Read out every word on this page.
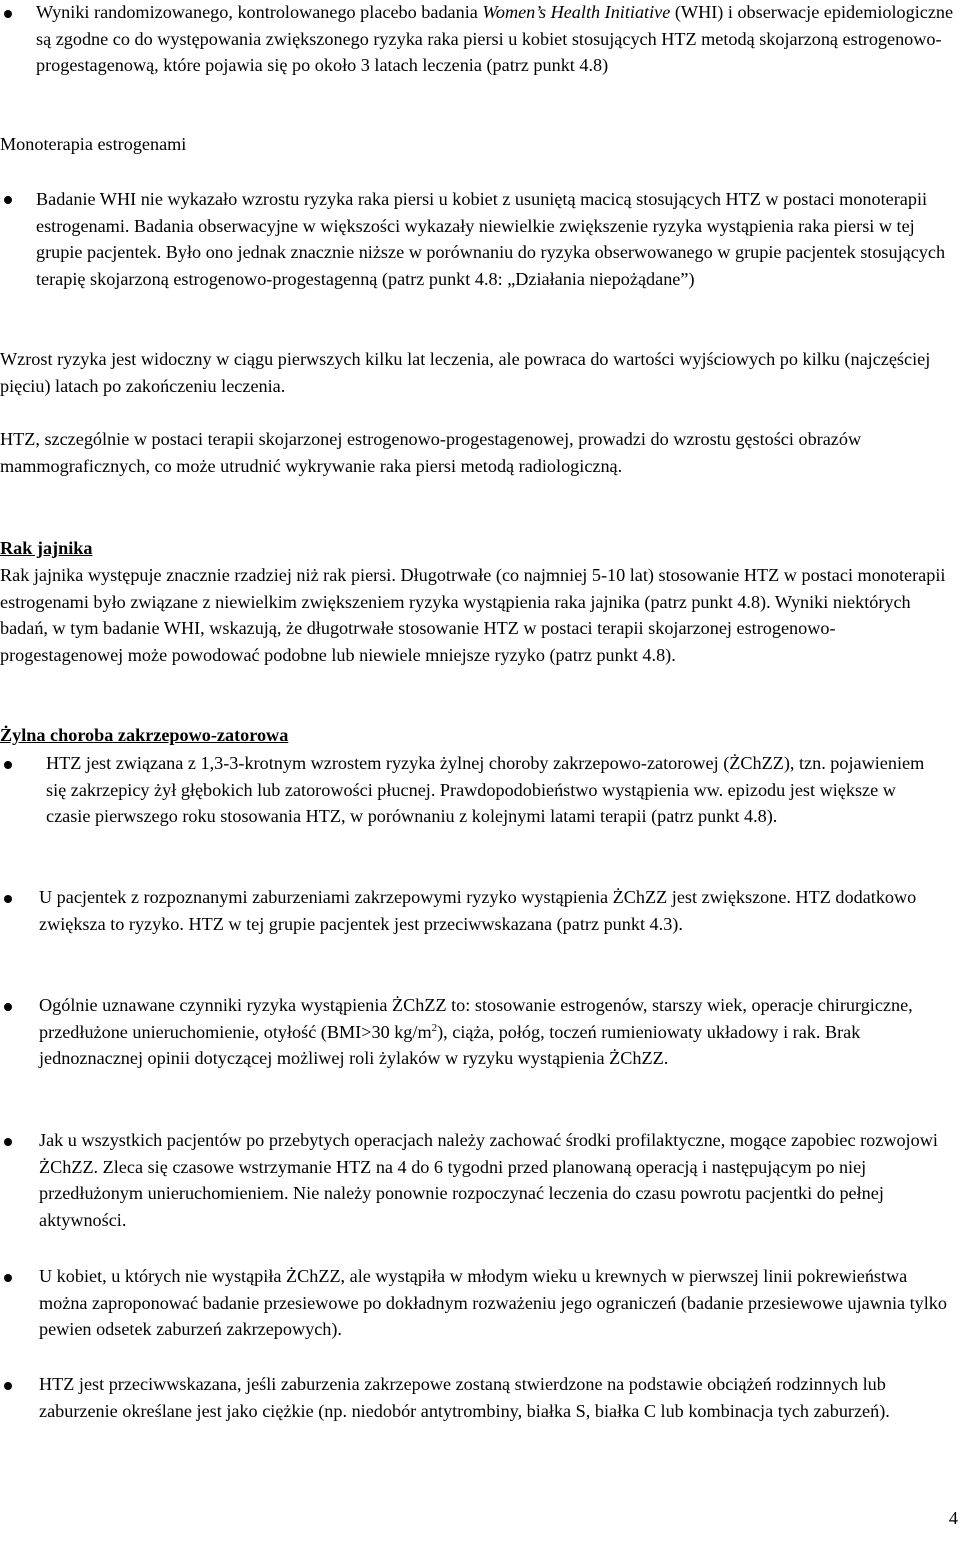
Wyniki randomizowanego, kontrolowanego placebo badania Women’s Health Initiative (WHI) i obserwacje epidemiologiczne są zgodne co do występowania zwiększonego ryzyka raka piersi u kobiet stosujących HTZ metodą skojarzoną estrogenowo-progestagenową, które pojawia się po około 3 latach leczenia (patrz punkt 4.8)

Monoterapia estrogenami

Badanie WHI nie wykazało wzrostu ryzyka raka piersi u kobiet z usuniętą macicą stosujących HTZ w postaci monoterapii estrogenami. Badania obserwacyjne w większości wykazały niewielkie zwiększenie ryzyka wystąpienia raka piersi w tej grupie pacjentek. Było ono jednak znacznie niższe w porównaniu do ryzyka obserwowanego w grupie pacjentek stosujących terapię skojarzoną estrogenowo-progestagenną (patrz punkt 4.8: „Działania niepożądane”)

Wzrost ryzyka jest widoczny w ciągu pierwszych kilku lat leczenia, ale powraca do wartości wyjściowych po kilku (najczęściej pięciu) latach po zakończeniu leczenia.

HTZ, szczególnie w postaci terapii skojarzonej estrogenowo-progestagenowej, prowadzi do wzrostu gęstości obrazów mammograficznych, co może utrudnić wykrywanie raka piersi metodą radiologiczną.

Rak jajnika

Rak jajnika występuje znacznie rzadziej niż rak piersi. Długotrwałe (co najmniej 5-10 lat) stosowanie HTZ w postaci monoterapii estrogenami było związane z niewielkim zwiększeniem ryzyka wystąpienia raka jajnika (patrz punkt 4.8). Wyniki niektórych badań, w tym badanie WHI, wskazują, że długotrwałe stosowanie HTZ w postaci terapii skojarzonej estrogenowo-progestagenowej może powodować podobne lub niewiele mniejsze ryzyko (patrz punkt 4.8).

Żylna choroba zakrzepowo-zatorowa

HTZ jest związana z 1,3-3-krotnym wzrostem ryzyka żylnej choroby zakrzepowo-zatorowej (ŻChZZ), tzn. pojawieniem się zakrzepicy żył głębokich lub zatorowości płucnej. Prawdopodobieństwo wystąpienia ww. epizodu jest większe w czasie pierwszego roku stosowania HTZ, w porównaniu z kolejnymi latami terapii (patrz punkt 4.8).

U pacjentek z rozpoznanymi zaburzeniami zakrzepowymi ryzyko wystąpienia ŻChZZ jest zwiększone. HTZ dodatkowo zwiększa to ryzyko. HTZ w tej grupie pacjentek jest przeciwwskazana (patrz punkt 4.3).

Ogólnie uznawane czynniki ryzyka wystąpienia ŻChZZ to: stosowanie estrogenów, starszy wiek, operacje chirurgiczne, przedłużone unieruchomienie, otyłość (BMI>30 $kg/m^2$), ciąża, połóg, toczeń rumieniowaty układowy i rak. Brak jednoznacznej opinii dotyczącej możliwej roli żylaków w ryzyku wystąpienia ŻChZZ.

Jak u wszystkich pacjentów po przebytych operacjach należy zachować środki profilaktyczne, mogące zapobiec rozwojowi ŻChZZ. Zleca się czasowe wstrzymanie HTZ na 4 do 6 tygodni przed planowaną operacją i następującym po niej przedłużonym unieruchomieniem. Nie należy ponownie rozpoczynać leczenia do czasu powrotu pacjentki do pełnej aktywności.

U kobiet, u których nie wystąpiła ŻChZZ, ale wystąpiła w młodym wieku u krewnych w pierwszej linii pokrewieństwa można zaproponować badanie przesiewowe po dokładnym rozważeniu jego ograniczeń (badanie przesiewowe ujawnia tylko pewien odsetek zaburzeń zakrzepowych).

HTZ jest przeciwwskazana, jeśli zaburzenia zakrzepowe zostaną stwierdzone na podstawie obciążeń rodzinnych lub zaburzenie określane jest jako ciężkie (np. niedobór antytrombiny, białka S, białka C lub kombinacja tych zaburzeń).

4
